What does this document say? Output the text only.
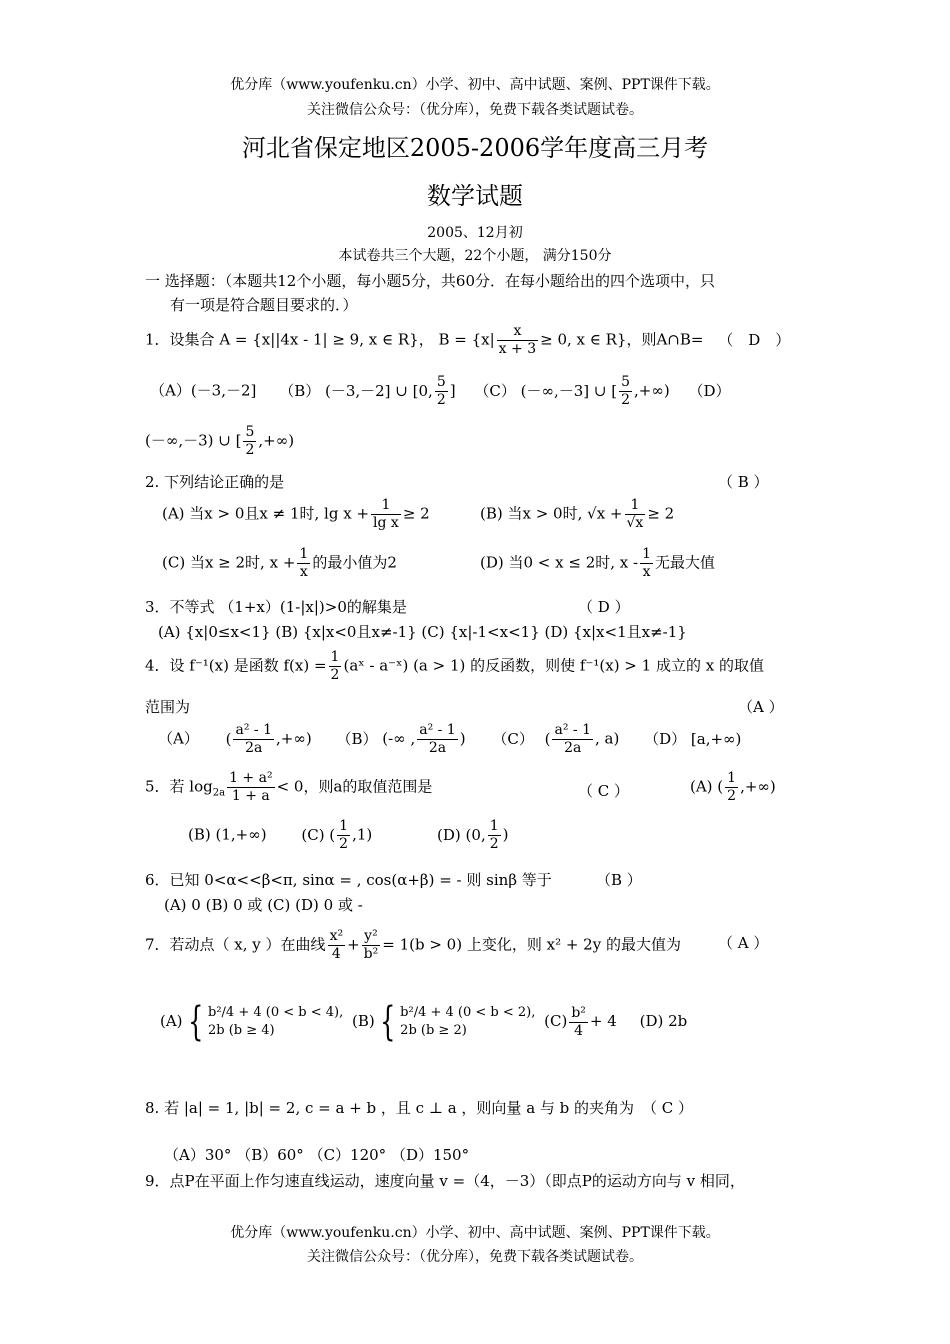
优分库（www.youfenku.cn）小学、初中、高中试题、案例、PPT课件下载。
关注微信公众号：（优分库），免费下载各类试题试卷。
河北省保定地区2005-2006学年度高三月考
数学试题
2005、12月初
本试卷共三个大题，22个小题， 满分150分
一 选择题：（本题共12个小题，每小题5分，共60分．在每小题给出的四个选项中，只
有一项是符合题目要求的．）
1．设集合 A = {x||4x - 1| ≥ 9, x ∈ R}， $B = \{x| \frac{x}{x + 3} \ge 0$, x ∈ R}，则A∩B= （　D　）
（A）(－3,－2] （B） (－3,－2] ∪ [0, $\frac{5}{2}$ ] （C） (－∞,－3] ∪ [ $\frac{5}{2}$ ,+∞) （D）
(－∞,－3) ∪ [ $\frac{5}{2}$ ,+∞)
2. 下列结论正确的是	（ B ）
(A) 当x > 0且x ≠ 1时, $\lg x + \frac{1}{\text{lg x}} \ge 2$	(B) 当x > 0时, $√x + \frac{1}{√x} \ge 2$
(C) 当x ≥ 2时, $x + \frac{1}{x}$ 的最小值为2	(D) 当0 < x ≤ 2时, x - $\frac{1}{x}$ 无最大值
3．不等式 （1+x）(1-|x|)>0的解集是	（ D ）
(A) {x|0≤x<1} (B) {x|x<0且x≠-1} (C) {x|-1<x<1} (D) {x|x<1且x≠-1}
4．设 f⁻¹(x) 是函数 $f(x) = \frac{1}{2}$ (aˣ - a⁻ˣ) (a > 1) 的反函数，则使 f⁻¹(x) > 1 成立的 x 的取值
范围为	（A ）
（A） ( $\frac{\text{a² - 1}}{2a}$ ,+∞) （B） (-∞ , $\frac{\text{a² - 1}}{2a}$ ) （C） ( $\frac{\text{a² - 1}}{2a}$ , a) （D） [a,+∞)
5．若 $\log_{2a} \frac{\text{1 + a²}}{1 + a} < 0$，则a的取值范围是	（ C ）	(A) ( $\frac{1}{2}$ ,+∞)
(B) (1,+∞) (C) ( $\frac{1}{2} ,1$)	(D) (0, $\frac{1}{2}$ )
6．已知 0<α<<β<π, sinα = , cos(α+β) = - 则 sinβ 等于	（B ）
(A) 0 (B) 0 或 (C) (D) 0 或 -
7．若动点（ x, y ）在曲线 $\frac{\text{x²}}{4} + \frac{\text{y²}}{\text{b²}} = 1(b > 0)$ 上变化，则 x² + 2y 的最大值为	（ A ）
(A) { b²/4 + 4 (0 < b < 4),
2b (b ≥ 4)
(B) { b²/4 + 4 (0 < b < 2),
2b (b ≥ 2)
$(C) \frac{\text{b²}}{4} + 4$ (D) 2b
8. 若 |a| = 1, |b| = 2, c = a + b ，且 c ⊥ a ，则向量 a 与 b 的夹角为 （ C ）
（A）30° （B）60° （C）120° （D）150°
9．点P在平面上作匀速直线运动，速度向量 v =（4，－3）（即点P的运动方向与 v 相同，
优分库（www.youfenku.cn）小学、初中、高中试题、案例、PPT课件下载。
关注微信公众号：（优分库），免费下载各类试题试卷。
